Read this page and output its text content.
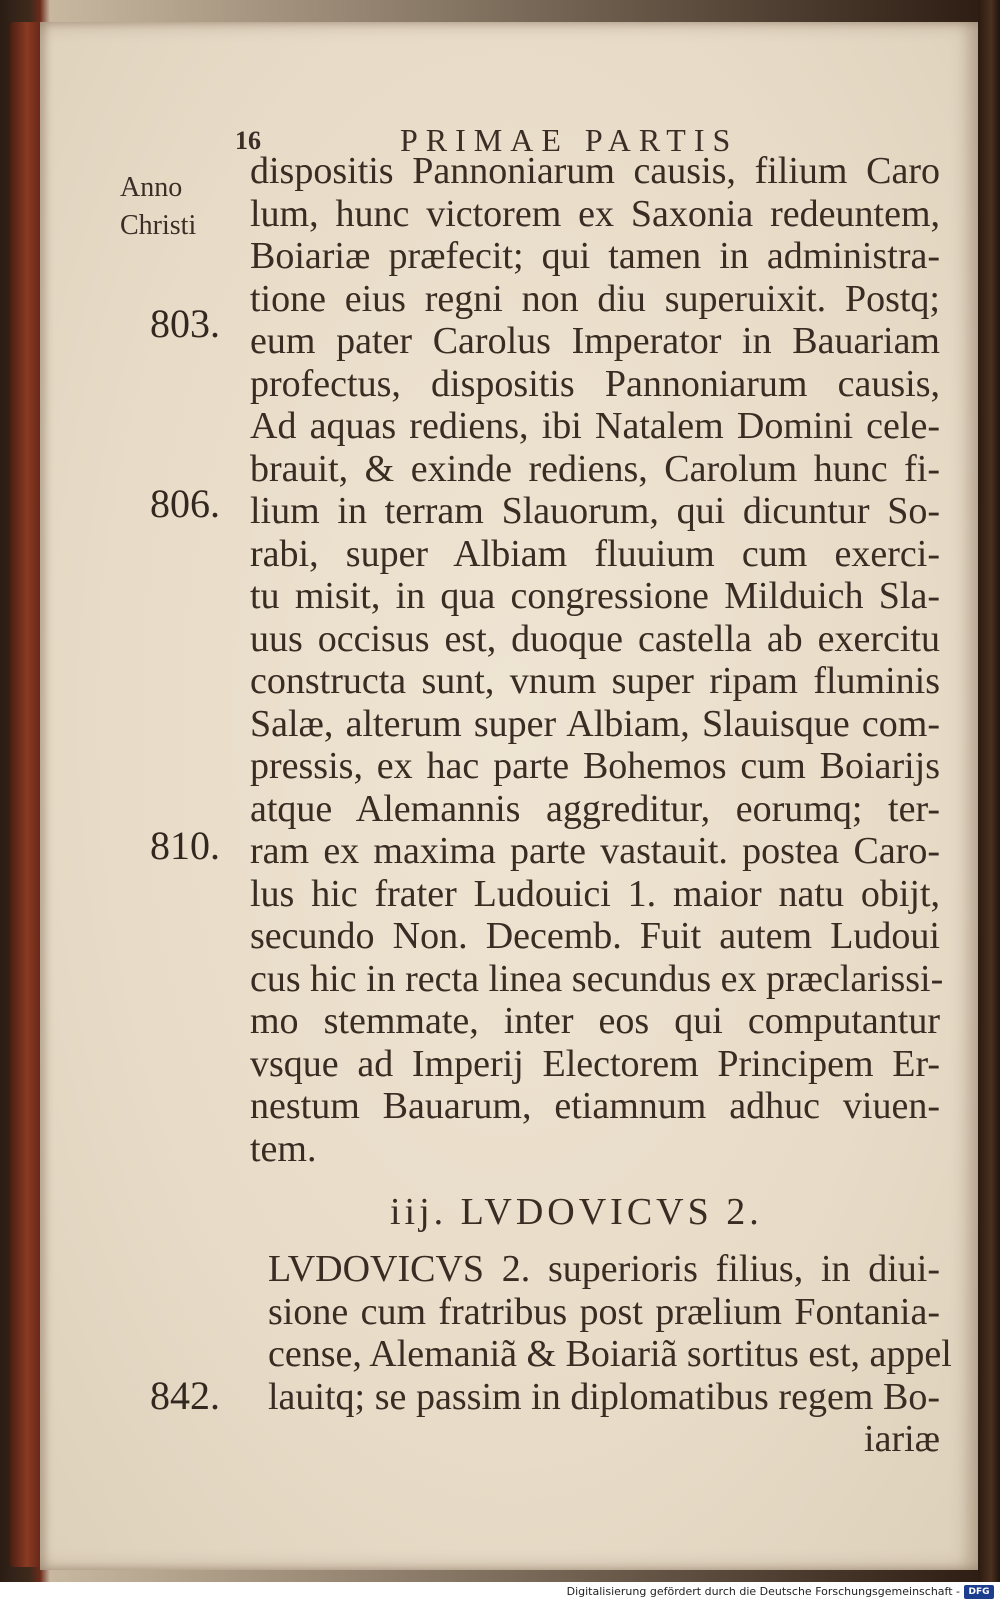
16	PRIMAE PARTIS
Anno
Christi
803.
806.
810.
842.
dispositis Pannoniarum causis, filium Caro
lum, hunc victorem ex Saxonia redeuntem,
Boiariæ præfecit; qui tamen in administra-
tione eius regni non diu superuixit. Postq;
eum pater Carolus Imperator in Bauariam
profectus, dispositis Pannoniarum causis,
Ad aquas rediens, ibi Natalem Domini cele-
brauit, & exinde rediens, Carolum hunc fi-
lium in terram Slauorum, qui dicuntur So-
rabi, super Albiam fluuium cum exerci-
tu misit, in qua congressione Milduich Sla-
uus occisus est, duoque castella ab exercitu
constructa sunt, vnum super ripam fluminis
Salæ, alterum super Albiam, Slauisque com-
pressis, ex hac parte Bohemos cum Boiarijs
atque Alemannis aggreditur, eorumq; ter-
ram ex maxima parte vastauit. postea Caro-
lus hic frater Ludouici 1. maior natu obijt,
secundo Non. Decemb. Fuit autem Ludoui
cus hic in recta linea secundus ex præclarissi-
mo stemmate, inter eos qui computantur
vsque ad Imperij Electorem Principem Er-
nestum Bauarum, etiamnum adhuc viuen-
tem.
iij. LVDOVICVS 2.
LVDOVICVS 2. superioris filius, in diui-
sione cum fratribus post prælium Fontania-
cense, Alemaniã & Boiariã sortitus est, appel
lauitq; se passim in diplomatibus regem Bo-
iariæ
Digitalisierung gefördert durch die Deutsche Forschungsgemeinschaft - DFG
